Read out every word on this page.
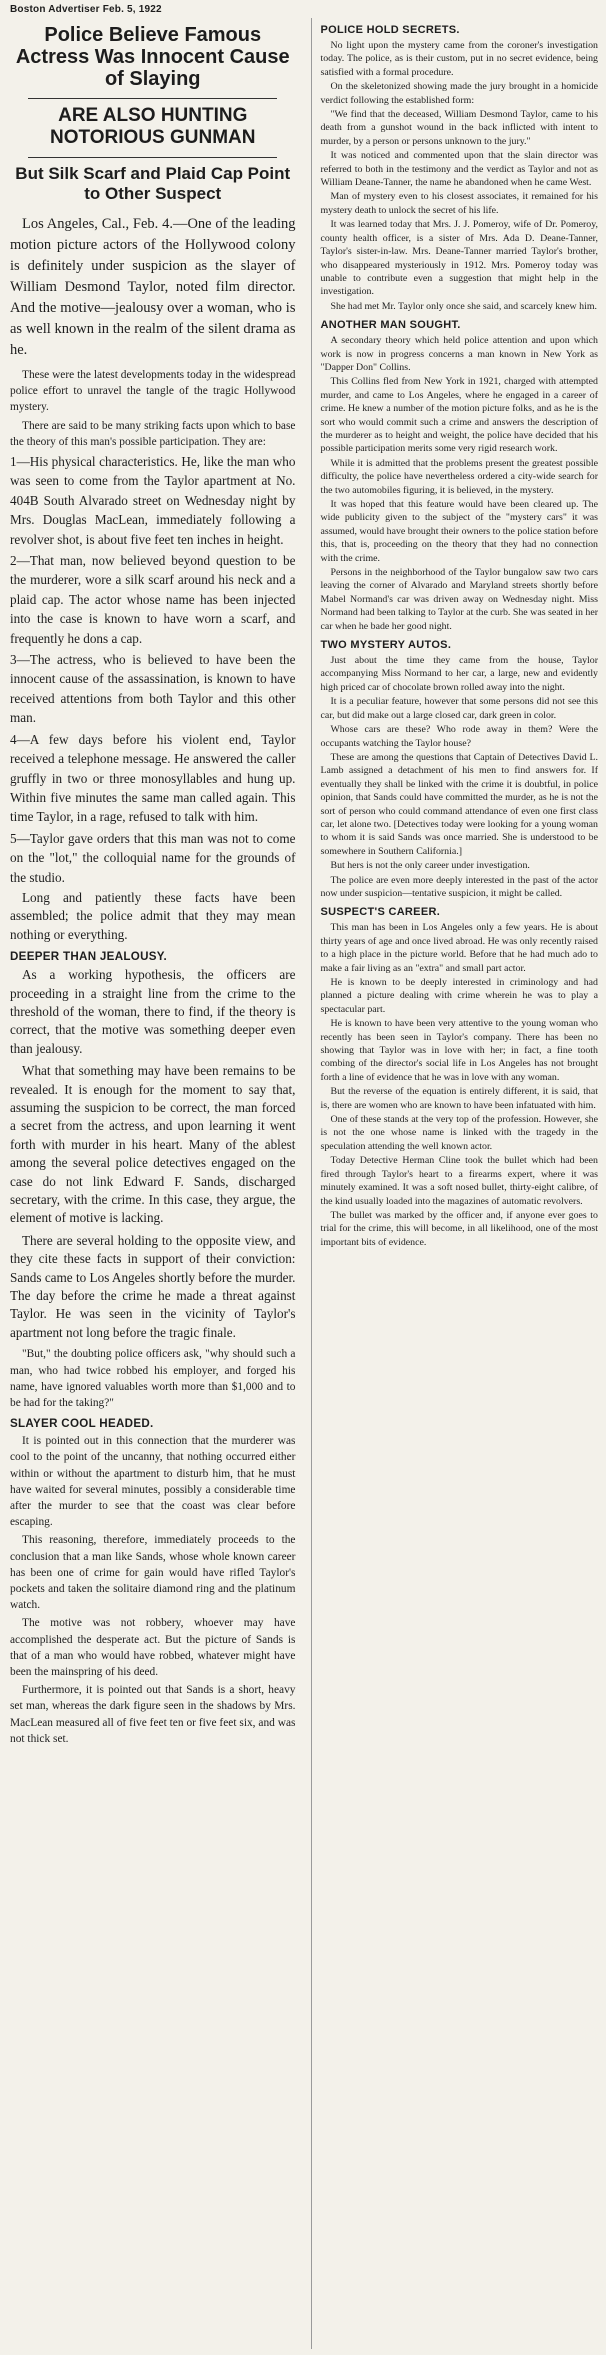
Boston Advertiser Feb. 5, 1922
Police Believe Famous Actress Was Innocent Cause of Slaying
ARE ALSO HUNTING NOTORIOUS GUNMAN
But Silk Scarf and Plaid Cap Point to Other Suspect

Los Angeles, Cal., Feb. 4.—One of the leading motion picture actors of the Hollywood colony is definitely under suspicion as the slayer of William Desmond Taylor, noted film director. And the motive—jealousy over a woman, who is as well known in the realm of the silent drama as he.

These were the latest developments today in the widespread police effort to unravel the tangle of the tragic Hollywood mystery.

There are said to be many striking facts upon which to base the theory of this man's possible participation. They are:

1—His physical characteristics. He, like the man who was seen to come from the Taylor apartment at No. 404B South Alvarado street on Wednesday night by Mrs. Douglas MacLean, immediately following a revolver shot, is about five feet ten inches in height.

2—That man, now believed beyond question to be the murderer, wore a silk scarf around his neck and a plaid cap. The actor whose name has been injected into the case is known to have worn a scarf, and frequently he dons a cap.

3—The actress, who is believed to have been the innocent cause of the assassination, is known to have received attentions from both Taylor and this other man.

4—A few days before his violent end, Taylor received a telephone message. He answered the caller gruffly in two or three monosyllables and hung up. Within five minutes the same man called again. This time Taylor, in a rage, refused to talk with him.

5—Taylor gave orders that this man was not to come on the "lot," the colloquial name for the grounds of the studio.

Long and patiently these facts have been assembled; the police admit that they may mean nothing or everything.

DEEPER THAN JEALOUSY.

As a working hypothesis, the officers are proceeding in a straight line from the crime to the threshold of the woman, there to find, if the theory is correct, that the motive was something deeper even than jealousy.

What that something may have been remains to be revealed. It is enough for the moment to say that, assuming the suspicion to be correct, the man forced a secret from the actress, and upon learning it went forth with murder in his heart. Many of the ablest among the several police detectives engaged on the case do not link Edward F. Sands, discharged secretary, with the crime. In this case, they argue, the element of motive is lacking.

There are several holding to the opposite view, and they cite these facts in support of their conviction: Sands came to Los Angeles shortly before the murder. The day before the crime he made a threat against Taylor. He was seen in the vicinity of Taylor's apartment not long before the tragic finale.

"But," the doubting police officers ask, "why should such a man, who had twice robbed his employer, and forged his name, have ignored valuables worth more than $1,000 and to be had for the taking?"

SLAYER COOL HEADED.

It is pointed out in this connection that the murderer was cool to the point of the uncanny, that nothing occurred either within or without the apartment to disturb him, that he must have waited for several minutes, possibly a considerable time after the murder to see that the coast was clear before escaping.

This reasoning, therefore, immediately proceeds to the conclusion that a man like Sands, whose whole known career has been one of crime for gain would have rifled Taylor's pockets and taken the solitaire diamond ring and the platinum watch.

The motive was not robbery, whoever may have accomplished the desperate act. But the picture of Sands is that of a man who would have robbed, whatever might have been the mainspring of his deed.

Furthermore, it is pointed out that Sands is a short, heavy set man, whereas the dark figure seen in the shadows by Mrs. MacLean measured all of five feet ten or five feet six, and was not thick set.

POLICE HOLD SECRETS.

No light upon the mystery came from the coroner's investigation today. The police, as is their custom, put in no secret evidence, being satisfied with a formal procedure.

On the skeletonized showing made the jury brought in a homicide verdict following the established form:

"We find that the deceased, William Desmond Taylor, came to his death from a gunshot wound in the back inflicted with intent to murder, by a person or persons unknown to the jury."

It was noticed and commented upon that the slain director was referred to both in the testimony and the verdict as Taylor and not as William Deane-Tanner, the name he abandoned when he came West.

Man of mystery even to his closest associates, it remained for his mystery death to unlock the secret of his life.

It was learned today that Mrs. J. J. Pomeroy, wife of Dr. Pomeroy, county health officer, is a sister of Mrs. Ada D. Deane-Tanner, Taylor's sister-in-law. Mrs. Deane-Tanner married Taylor's brother, who disappeared mysteriously in 1912. Mrs. Pomeroy today was unable to contribute even a suggestion that might help in the investigation.

She had met Mr. Taylor only once she said, and scarcely knew him.

ANOTHER MAN SOUGHT.

A secondary theory which held police attention and upon which work is now in progress concerns a man known in New York as "Dapper Don" Collins.

This Collins fled from New York in 1921, charged with attempted murder, and came to Los Angeles, where he engaged in a career of crime. He knew a number of the motion picture folks, and as he is the sort who would commit such a crime and answers the description of the murderer as to height and weight, the police have decided that his possible participation merits some very rigid research work.

While it is admitted that the problems present the greatest possible difficulty, the police have nevertheless ordered a city-wide search for the two automobiles figuring, it is believed, in the mystery.

It was hoped that this feature would have been cleared up. The wide publicity given to the subject of the "mystery cars" it was assumed, would have brought their owners to the police station before this, that is, proceeding on the theory that they had no connection with the crime.

Persons in the neighborhood of the Taylor bungalow saw two cars leaving the corner of Alvarado and Maryland streets shortly before Mabel Normand's car was driven away on Wednesday night. Miss Normand had been talking to Taylor at the curb. She was seated in her car when he bade her good night.

TWO MYSTERY AUTOS.

Just about the time they came from the house, Taylor accompanying Miss Normand to her car, a large, new and evidently high priced car of chocolate brown rolled away into the night.

It is a peculiar feature, however that some persons did not see this car, but did make out a large closed car, dark green in color.

Whose cars are these? Who rode away in them? Were the occupants watching the Taylor house?

These are among the questions that Captain of Detectives David L. Lamb assigned a detachment of his men to find answers for. If eventually they shall be linked with the crime it is doubtful, in police opinion, that Sands could have committed the murder, as he is not the sort of person who could command attendance of even one first class car, let alone two. [Detectives today were looking for a young woman to whom it is said Sands was once married. She is understood to be somewhere in Southern California.]

But hers is not the only career under investigation.

The police are even more deeply interested in the past of the actor now under suspicion—tentative suspicion, it might be called.

SUSPECT'S CAREER.

This man has been in Los Angeles only a few years. He is about thirty years of age and once lived abroad. He was only recently raised to a high place in the picture world. Before that he had much ado to make a fair living as an "extra" and small part actor.

He is known to be deeply interested in criminology and had planned a picture dealing with crime wherein he was to play a spectacular part.

He is known to have been very attentive to the young woman who recently has been seen in Taylor's company. There has been no showing that Taylor was in love with her; in fact, a fine tooth combing of the director's social life in Los Angeles has not brought forth a line of evidence that he was in love with any woman.

But the reverse of the equation is entirely different, it is said, that is, there are women who are known to have been infatuated with him.

One of these stands at the very top of the profession. However, she is not the one whose name is linked with the tragedy in the speculation attending the well known actor.

Today Detective Herman Cline took the bullet which had been fired through Taylor's heart to a firearms expert, where it was minutely examined. It was a soft nosed bullet, thirty-eight calibre, of the kind usually loaded into the magazines of automatic revolvers.

The bullet was marked by the officer and, if anyone ever goes to trial for the crime, this will become, in all likelihood, one of the most important bits of evidence.
